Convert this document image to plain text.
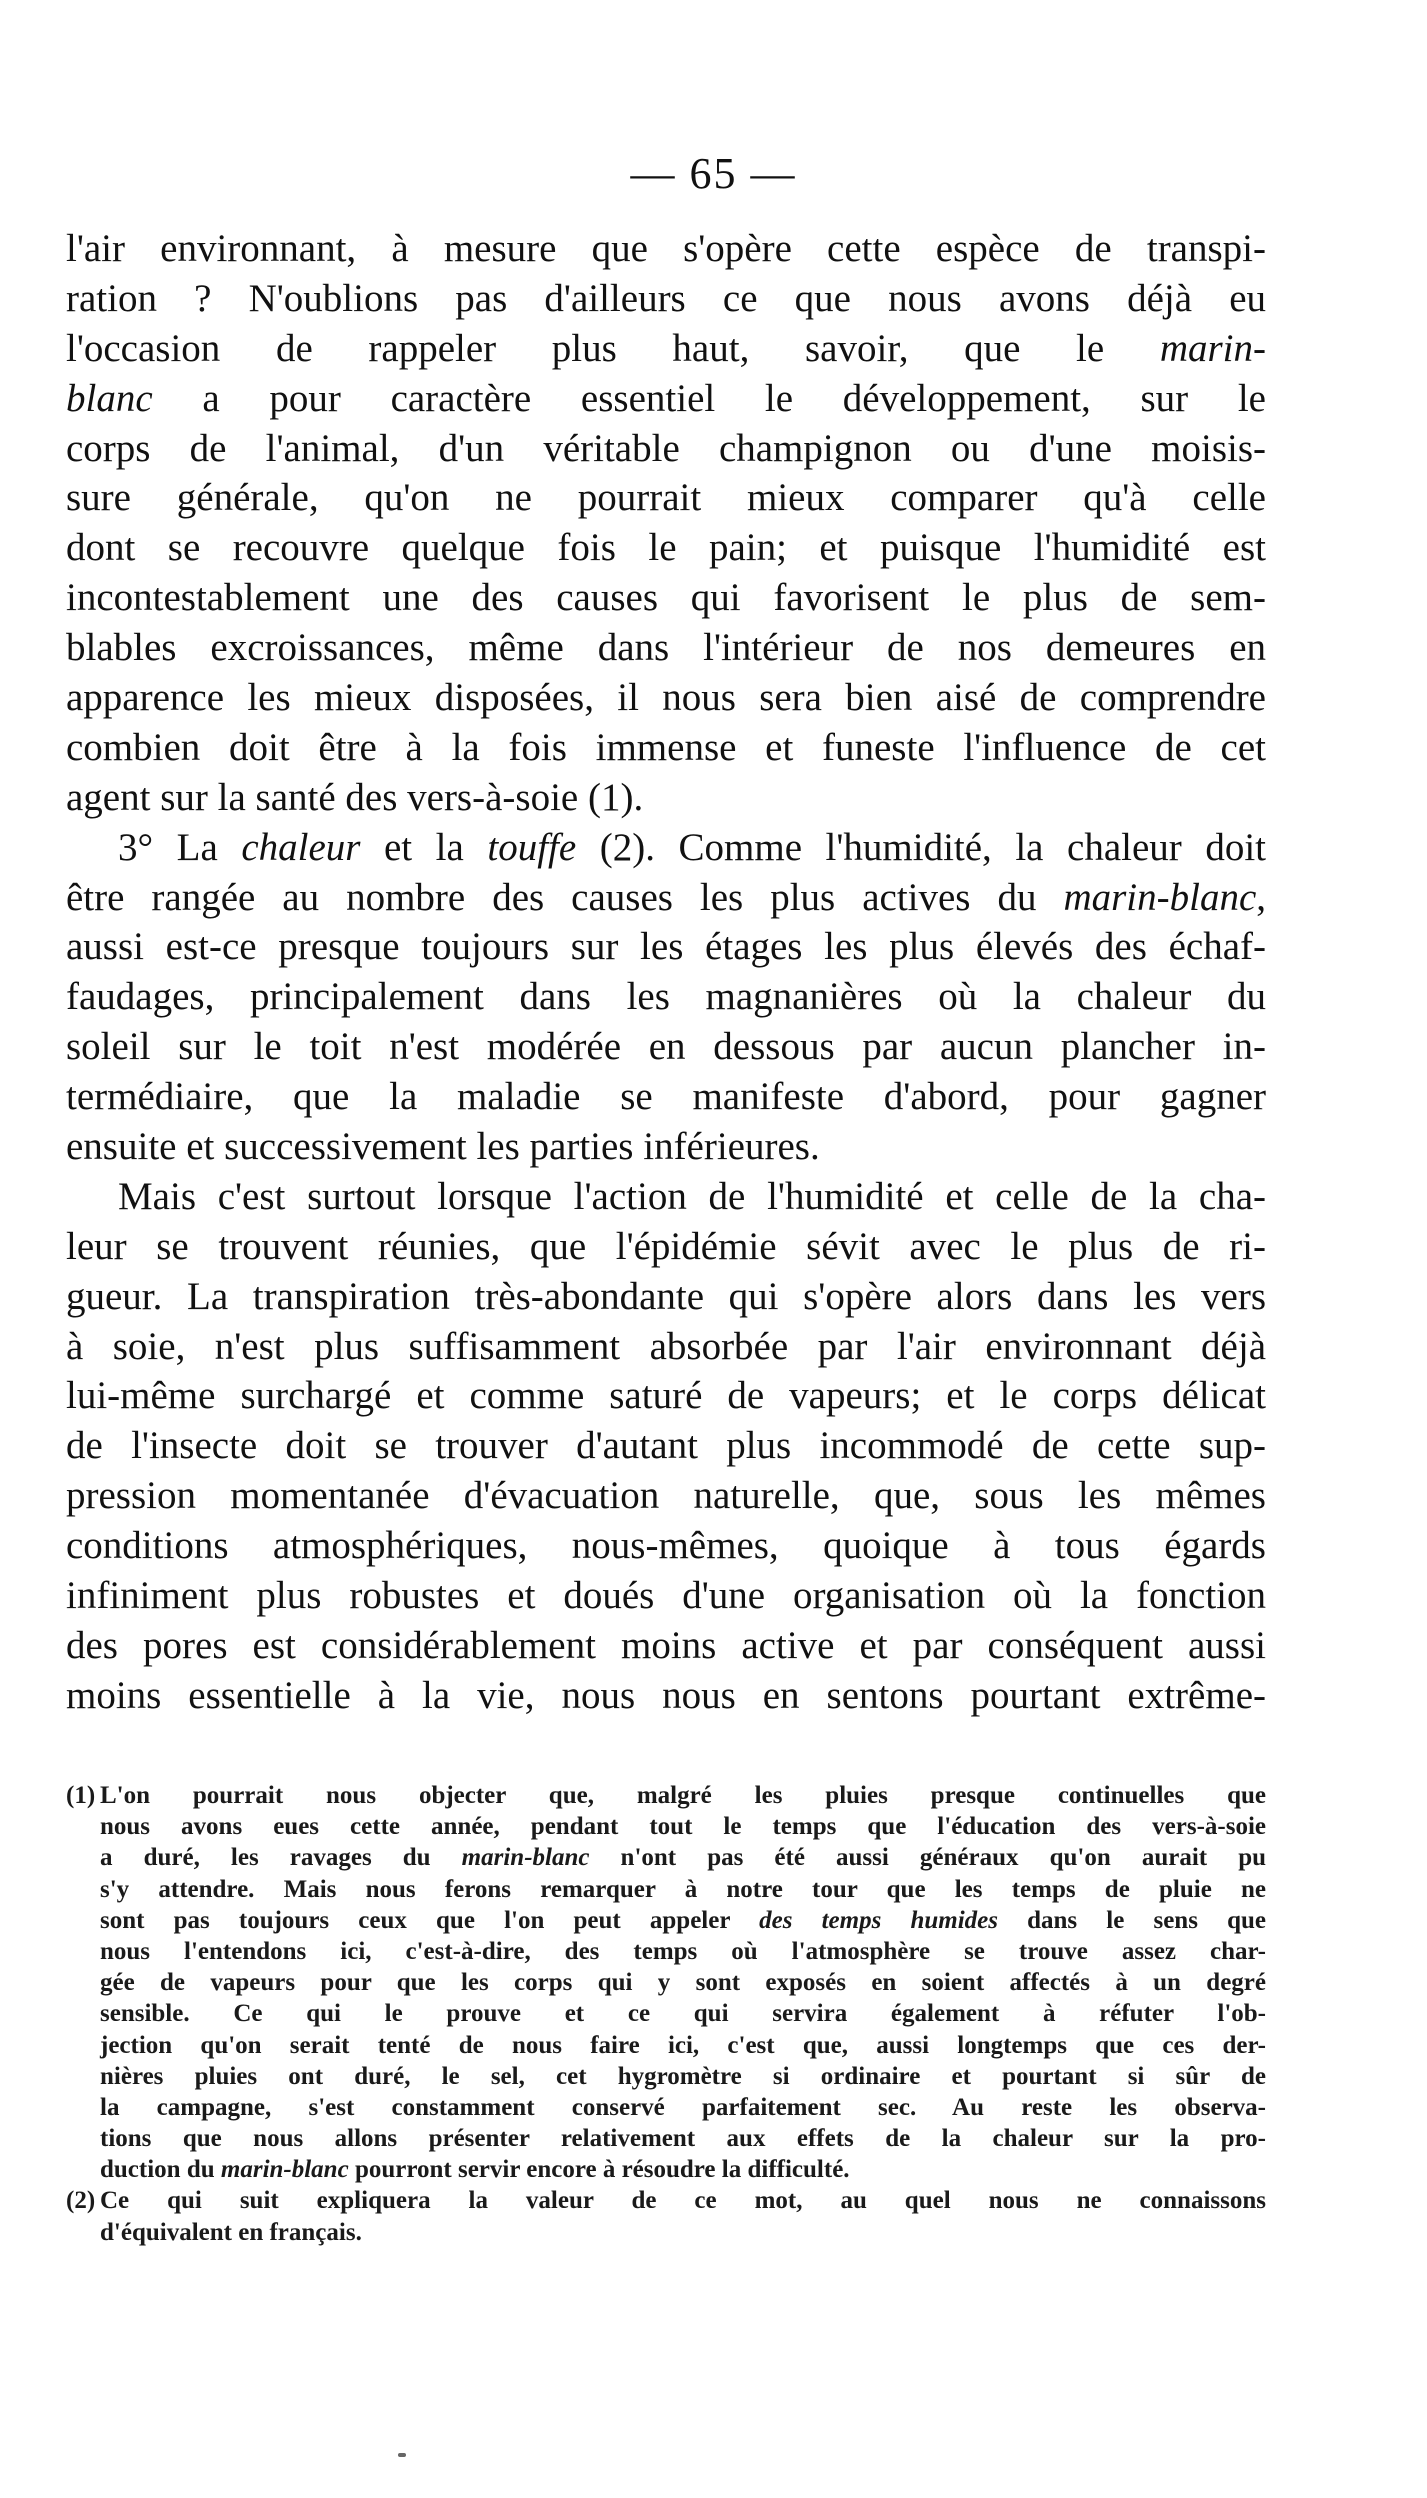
— 65 —
l'air environnant, à mesure que s'opère cette espèce de transpi-
ration ? N'oublions pas d'ailleurs ce que nous avons déjà eu
l'occasion de rappeler plus haut, savoir, que le marin-
blanc a pour caractère essentiel le développement, sur le
corps de l'animal, d'un véritable champignon ou d'une moisis-
sure générale, qu'on ne pourrait mieux comparer qu'à celle
dont se recouvre quelque fois le pain; et puisque l'humidité est
incontestablement une des causes qui favorisent le plus de sem-
blables excroissances, même dans l'intérieur de nos demeures en
apparence les mieux disposées, il nous sera bien aisé de comprendre
combien doit être à la fois immense et funeste l'influence de cet
agent sur la santé des vers-à-soie (1).
3° La chaleur et la touffe (2). Comme l'humidité, la chaleur doit
être rangée au nombre des causes les plus actives du marin-blanc,
aussi est-ce presque toujours sur les étages les plus élevés des échaf-
faudages, principalement dans les magnanières où la chaleur du
soleil sur le toit n'est modérée en dessous par aucun plancher in-
termédiaire, que la maladie se manifeste d'abord, pour gagner
ensuite et successivement les parties inférieures.
Mais c'est surtout lorsque l'action de l'humidité et celle de la cha-
leur se trouvent réunies, que l'épidémie sévit avec le plus de ri-
gueur. La transpiration très-abondante qui s'opère alors dans les vers
à soie, n'est plus suffisamment absorbée par l'air environnant déjà
lui-même surchargé et comme saturé de vapeurs; et le corps délicat
de l'insecte doit se trouver d'autant plus incommodé de cette sup-
pression momentanée d'évacuation naturelle, que, sous les mêmes
conditions atmosphériques, nous-mêmes, quoique à tous égards
infiniment plus robustes et doués d'une organisation où la fonction
des pores est considérablement moins active et par conséquent aussi
moins essentielle à la vie, nous nous en sentons pourtant extrême-
(1) L'on pourrait nous objecter que, malgré les pluies presque continuelles que
nous avons eues cette année, pendant tout le temps que l'éducation des vers-à-soie
a duré, les ravages du marin-blanc n'ont pas été aussi généraux qu'on aurait pu
s'y attendre. Mais nous ferons remarquer à notre tour que les temps de pluie ne
sont pas toujours ceux que l'on peut appeler des temps humides dans le sens que
nous l'entendons ici, c'est-à-dire, des temps où l'atmosphère se trouve assez char-
gée de vapeurs pour que les corps qui y sont exposés en soient affectés à un degré
sensible. Ce qui le prouve et ce qui servira également à réfuter l'ob-
jection qu'on serait tenté de nous faire ici, c'est que, aussi longtemps que ces der-
nières pluies ont duré, le sel, cet hygromètre si ordinaire et pourtant si sûr de
la campagne, s'est constamment conservé parfaitement sec. Au reste les observa-
tions que nous allons présenter relativement aux effets de la chaleur sur la pro-
duction du marin-blanc pourront servir encore à résoudre la difficulté.
(2) Ce qui suit expliquera la valeur de ce mot, au quel nous ne connaissons
d'équivalent en français.
